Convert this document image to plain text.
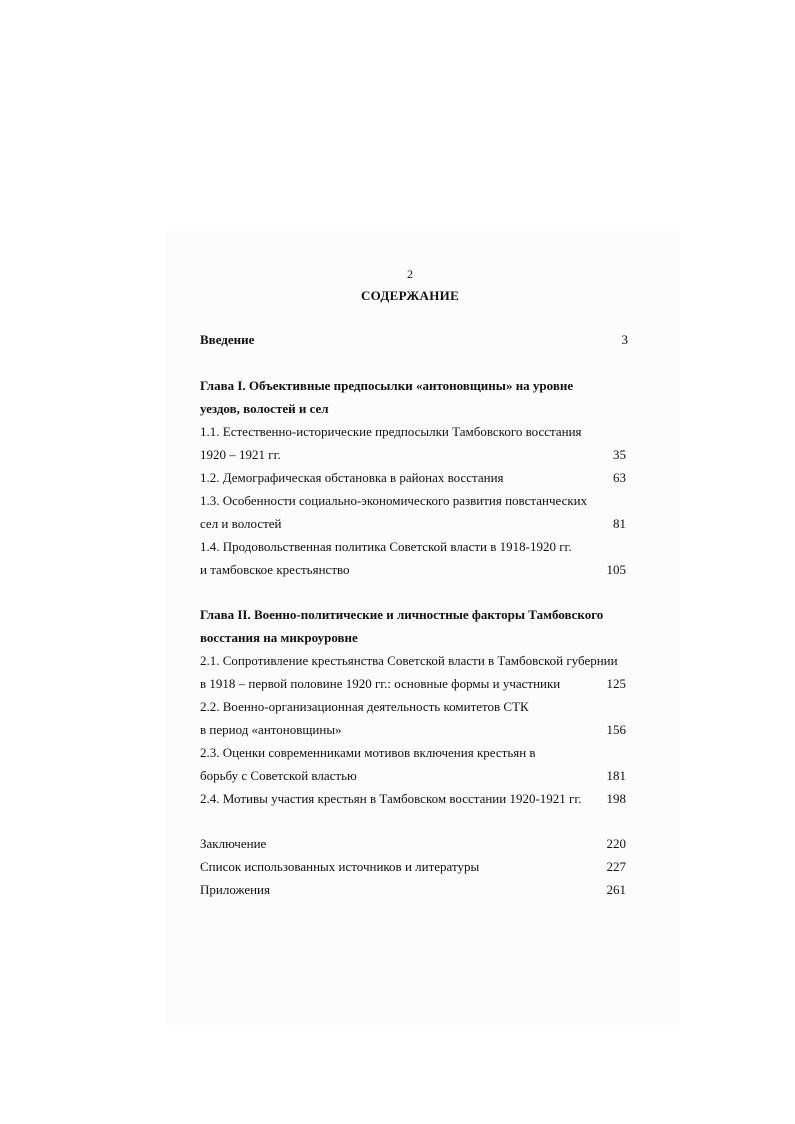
2
СОДЕРЖАНИЕ
Введение	3
Глава I. Объективные предпосылки «антоновщины» на уровне
уездов, волостей и сел
1.1. Естественно-исторические предпосылки Тамбовского восстания
1920 – 1921 гг.	35
1.2. Демографическая обстановка в районах восстания	63
1.3. Особенности социально-экономического развития повстанческих
сел и волостей	81
1.4. Продовольственная политика Советской власти в 1918-1920 гг.
и тамбовское крестьянство	105
Глава II. Военно-политические и личностные факторы Тамбовского
восстания на микроуровне
2.1. Сопротивление крестьянства Советской власти в Тамбовской губернии
в 1918 – первой половине 1920 гг.: основные формы и участники	125
2.2. Военно-организационная деятельность комитетов СТК
в период «антоновщины»	156
2.3. Оценки современниками мотивов включения крестьян в
борьбу с Советской властью	181
2.4. Мотивы участия крестьян в Тамбовском восстании 1920-1921 гг.	198
Заключение	220
Список использованных источников и литературы	227
Приложения	261
